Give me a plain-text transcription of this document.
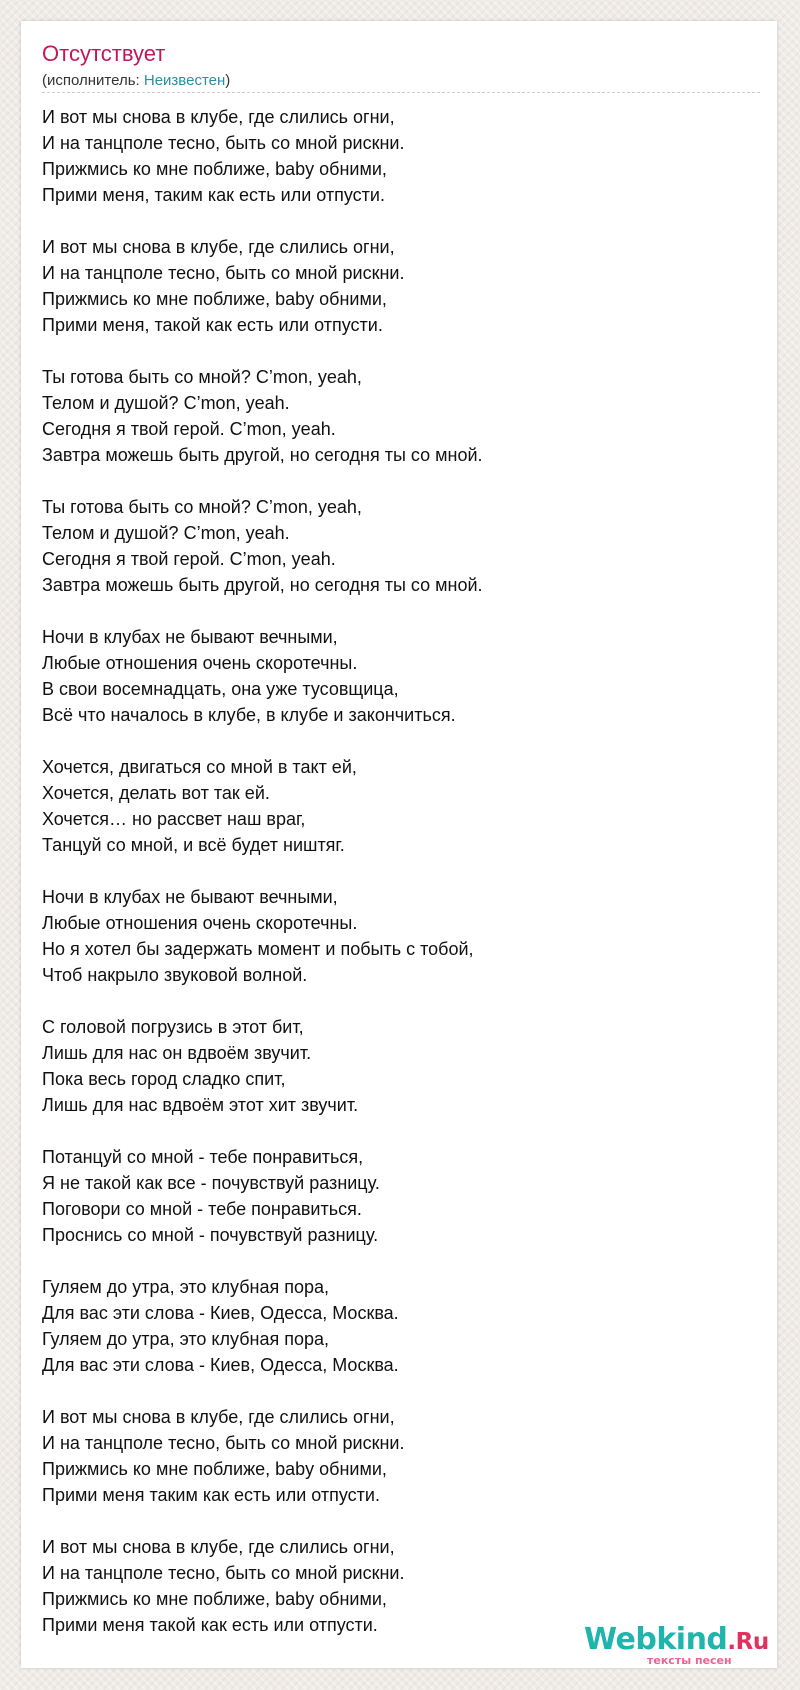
Отсутствует
(исполнитель: Неизвестен)
И вот мы снова в клубе, где слились огни,
И на танцполе тесно, быть со мной рискни.
Прижмись ко мне поближе, baby обними,
Прими меня, таким как есть или отпусти.
И вот мы снова в клубе, где слились огни,
И на танцполе тесно, быть со мной рискни.
Прижмись ко мне поближе, baby обними,
Прими меня, такой как есть или отпусти.
Ты готова быть со мной? C’mon, yeah,
Телом и душой? C’mon, yeah.
Сегодня я твой герой. C’mon, yeah.
Завтра можешь быть другой, но сегодня ты со мной.
Ты готова быть со мной? C’mon, yeah,
Телом и душой? C’mon, yeah.
Сегодня я твой герой. C’mon, yeah.
Завтра можешь быть другой, но сегодня ты со мной.
Ночи в клубах не бывают вечными,
Любые отношения очень скоротечны.
В свои восемнадцать, она уже тусовщица,
Всё что началось в клубе, в клубе и закончиться.
Хочется, двигаться со мной в такт ей,
Хочется, делать вот так ей.
Хочется… но рассвет наш враг,
Танцуй со мной, и всё будет ништяг.
Ночи в клубах не бывают вечными,
Любые отношения очень скоротечны.
Но я хотел бы задержать момент и побыть с тобой,
Чтоб накрыло звуковой волной.
С головой погрузись в этот бит,
Лишь для нас он вдвоём звучит.
Пока весь город сладко спит,
Лишь для нас вдвоём этот хит звучит.
Потанцуй со мной - тебе понравиться,
Я не такой как все - почувствуй разницу.
Поговори со мной - тебе понравиться.
Проснись со мной - почувствуй разницу.
Гуляем до утра, это клубная пора,
Для вас эти слова - Киев, Одесса, Москва.
Гуляем до утра, это клубная пора,
Для вас эти слова - Киев, Одесса, Москва.
И вот мы снова в клубе, где слились огни,
И на танцполе тесно, быть со мной рискни.
Прижмись ко мне поближе, baby обними,
Прими меня таким как есть или отпусти.
И вот мы снова в клубе, где слились огни,
И на танцполе тесно, быть со мной рискни.
Прижмись ко мне поближе, baby обними,
Прими меня такой как есть или отпусти.	Webkind.Ru
тексты песен
